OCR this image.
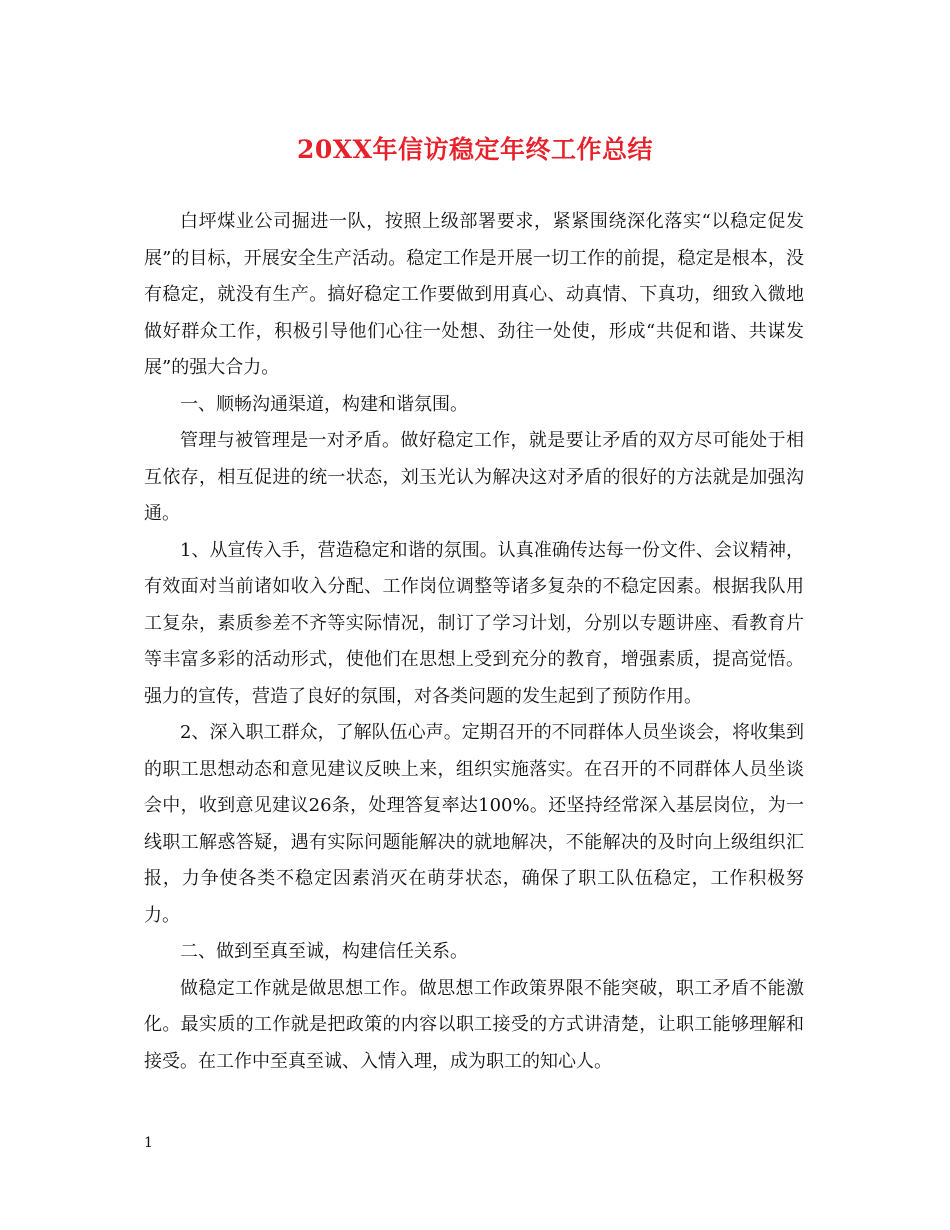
20XX年信访稳定年终工作总结

白坪煤业公司掘进一队，按照上级部署要求，紧紧围绕深化落实“以稳定促发展”的目标，开展安全生产活动。稳定工作是开展一切工作的前提，稳定是根本，没有稳定，就没有生产。搞好稳定工作要做到用真心、动真情、下真功，细致入微地做好群众工作，积极引导他们心往一处想、劲往一处使，形成“共促和谐、共谋发展”的强大合力。

一、顺畅沟通渠道，构建和谐氛围。

管理与被管理是一对矛盾。做好稳定工作，就是要让矛盾的双方尽可能处于相互依存，相互促进的统一状态，刘玉光认为解决这对矛盾的很好的方法就是加强沟通。

1、从宣传入手，营造稳定和谐的氛围。认真准确传达每一份文件、会议精神，有效面对当前诸如收入分配、工作岗位调整等诸多复杂的不稳定因素。根据我队用工复杂，素质参差不齐等实际情况，制订了学习计划，分别以专题讲座、看教育片等丰富多彩的活动形式，使他们在思想上受到充分的教育，增强素质，提高觉悟。强力的宣传，营造了良好的氛围，对各类问题的发生起到了预防作用。

2、深入职工群众，了解队伍心声。定期召开的不同群体人员坐谈会，将收集到的职工思想动态和意见建议反映上来，组织实施落实。在召开的不同群体人员坐谈会中，收到意见建议26条，处理答复率达100%。还坚持经常深入基层岗位，为一线职工解惑答疑，遇有实际问题能解决的就地解决，不能解决的及时向上级组织汇报，力争使各类不稳定因素消灭在萌芽状态，确保了职工队伍稳定，工作积极努力。

二、做到至真至诚，构建信任关系。

做稳定工作就是做思想工作。做思想工作政策界限不能突破，职工矛盾不能激化。最实质的工作就是把政策的内容以职工接受的方式讲清楚，让职工能够理解和接受。在工作中至真至诚、入情入理，成为职工的知心人。

1
